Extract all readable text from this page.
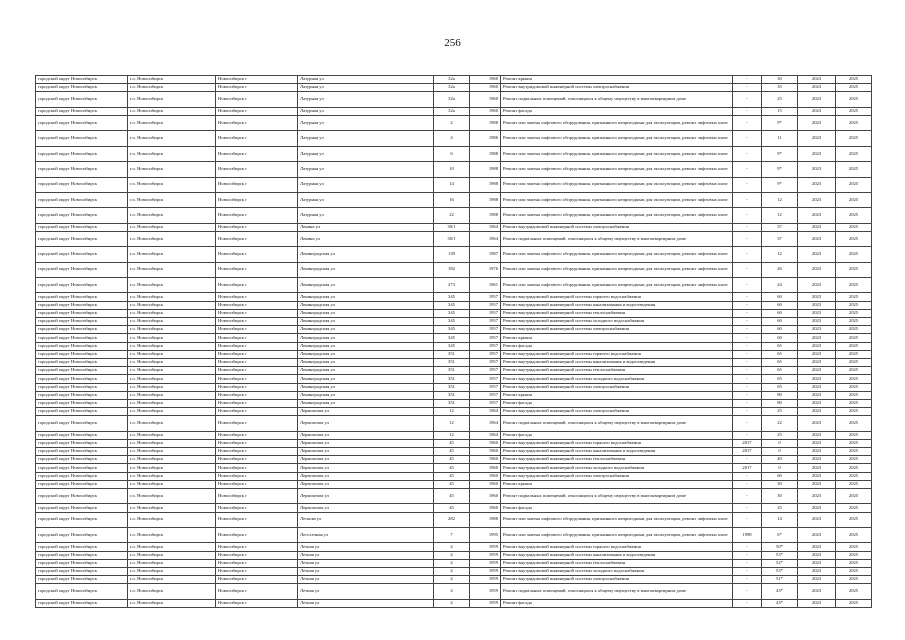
256
городской округ Новосибирск	г.о. Новосибирск	Новосибирск г	Лазурная ул	32а	1960	Ремонт крыши	-	30	2023	2025
городской округ Новосибирск	г.о. Новосибирск	Новосибирск г	Лазурная ул	32а	1960	Ремонт внутридомовой инженерной системы электроснабжения	-	35	2023	2025
городской округ Новосибирск	г.о. Новосибирск	Новосибирск г	Лазурная ул	32а	1960	Ремонт подвальных помещений, относящихся к общему имуществу в многоквартирном доме	-	25	2023	2025
городской округ Новосибирск	г.о. Новосибирск	Новосибирск г	Лазурная ул	32а	1960	Ремонт фасада	-	15	2023	2025
городской округ Новосибирск	г.о. Новосибирск	Новосибирск г	Лазурная ул	2	1988	Ремонт или замена лифтового оборудования, признанного непригодным для эксплуатации, ремонт лифтовых шахт	-	9*	2023	2025
городской округ Новосибирск	г.о. Новосибирск	Новосибирск г	Лазурная ул	4	1986	Ремонт или замена лифтового оборудования, признанного непригодным для эксплуатации, ремонт лифтовых шахт	-	11	2023	2025
городской округ Новосибирск	г.о. Новосибирск	Новосибирск г	Лазурная ул	6	1988	Ремонт или замена лифтового оборудования, признанного непригодным для эксплуатации, ремонт лифтовых шахт	-	9*	2023	2025
городской округ Новосибирск	г.о. Новосибирск	Новосибирск г	Лазурная ул	10	1988	Ремонт или замена лифтового оборудования, признанного непригодным для эксплуатации, ремонт лифтовых шахт	-	9*	2023	2025
городской округ Новосибирск	г.о. Новосибирск	Новосибирск г	Лазурная ул	14	1988	Ремонт или замена лифтового оборудования, признанного непригодным для эксплуатации, ремонт лифтовых шахт	-	9*	2023	2025
городской округ Новосибирск	г.о. Новосибирск	Новосибирск г	Лазурная ул	16	1988	Ремонт или замена лифтового оборудования, признанного непригодным для эксплуатации, ремонт лифтовых шахт	-	12	2023	2025
городской округ Новосибирск	г.о. Новосибирск	Новосибирск г	Лазурная ул	22	1988	Ремонт или замена лифтового оборудования, признанного непригодным для эксплуатации, ремонт лифтовых шахт	-	12	2023	2025
городской округ Новосибирск	г.о. Новосибирск	Новосибирск г	Ленина ул	30/1	1964	Ремонт внутридомовой инженерной системы электроснабжения	-	37	2023	2025
городской округ Новосибирск	г.о. Новосибирск	Новосибирск г	Ленина ул	30/1	1964	Ремонт подвальных помещений, относящихся к общему имуществу в многоквартирном доме	-	37	2023	2025
городской округ Новосибирск	г.о. Новосибирск	Новосибирск г	Ленинградская ул	139	1987	Ремонт или замена лифтового оборудования, признанного непригодным для эксплуатации, ремонт лифтовых шахт	-	12	2023	2025
городской округ Новосибирск	г.о. Новосибирск	Новосибирск г	Ленинградская ул	182	1976	Ремонт или замена лифтового оборудования, признанного непригодным для эксплуатации, ремонт лифтовых шахт	-	26	2023	2025
городской округ Новосибирск	г.о. Новосибирск	Новосибирск г	Ленинградская ул	273	1961	Ремонт или замена лифтового оборудования, признанного непригодным для эксплуатации, ремонт лифтовых шахт	-	24	2023	2025
городской округ Новосибирск	г.о. Новосибирск	Новосибирск г	Ленинградская ул	345	1957	Ремонт внутридомовой инженерной системы горячего водоснабжения	-	60	2023	2025
городской округ Новосибирск	г.о. Новосибирск	Новосибирск г	Ленинградская ул	345	1957	Ремонт внутридомовой инженерной системы канализования и водоотведения	-	60	2023	2025
городской округ Новосибирск	г.о. Новосибирск	Новосибирск г	Ленинградская ул	345	1957	Ремонт внутридомовой инженерной системы теплоснабжения	-	60	2023	2025
городской округ Новосибирск	г.о. Новосибирск	Новосибирск г	Ленинградская ул	345	1957	Ремонт внутридомовой инженерной системы холодного водоснабжения	-	60	2023	2025
городской округ Новосибирск	г.о. Новосибирск	Новосибирск г	Ленинградская ул	345	1957	Ремонт внутридомовой инженерной системы электроснабжения	-	60	2023	2025
городской округ Новосибирск	г.о. Новосибирск	Новосибирск г	Ленинградская ул	345	1957	Ремонт крыши	-	60	2023	2025
городской округ Новосибирск	г.о. Новосибирск	Новосибирск г	Ленинградская ул	345	1957	Ремонт фасада	-	65	2023	2025
городской округ Новосибирск	г.о. Новосибирск	Новосибирск г	Ленинградская ул	351	1957	Ремонт внутридомовой инженерной системы горячего водоснабжения	-	65	2023	2025
городской округ Новосибирск	г.о. Новосибирск	Новосибирск г	Ленинградская ул	351	1957	Ремонт внутридомовой инженерной системы канализования и водоотведения	-	65	2023	2025
городской округ Новосибирск	г.о. Новосибирск	Новосибирск г	Ленинградская ул	351	1957	Ремонт внутридомовой инженерной системы теплоснабжения	-	65	2023	2025
городской округ Новосибирск	г.о. Новосибирск	Новосибирск г	Ленинградская ул	351	1957	Ремонт внутридомовой инженерной системы холодного водоснабжения	-	65	2023	2025
городской округ Новосибирск	г.о. Новосибирск	Новосибирск г	Ленинградская ул	351	1957	Ремонт внутридомовой инженерной системы электроснабжения	-	65	2023	2025
городской округ Новосибирск	г.о. Новосибирск	Новосибирск г	Ленинградская ул	351	1957	Ремонт крыши	-	80	2023	2025
городской округ Новосибирск	г.о. Новосибирск	Новосибирск г	Ленинградская ул	351	1957	Ремонт фасада	-	80	2023	2025
городской округ Новосибирск	г.о. Новосибирск	Новосибирск г	Лермонтова ул	12	1964	Ремонт внутридомовой инженерной системы электроснабжения	-	25	2023	2025
городской округ Новосибирск	г.о. Новосибирск	Новосибирск г	Лермонтова ул	12	1964	Ремонт подвальных помещений, относящихся к общему имуществу в многоквартирном доме	-	22	2023	2025
городской округ Новосибирск	г.о. Новосибирск	Новосибирск г	Лермонтова ул	12	1964	Ремонт фасада	-	25	2023	2025
городской округ Новосибирск	г.о. Новосибирск	Новосибирск г	Лермонтова ул	45	1960	Ремонт внутридомовой инженерной системы горячего водоснабжения	2017	0	2023	2025
городской округ Новосибирск	г.о. Новосибирск	Новосибирск г	Лермонтова ул	45	1960	Ремонт внутридомовой инженерной системы канализования и водоотведения	2017	0	2023	2025
городской округ Новосибирск	г.о. Новосибирск	Новосибирск г	Лермонтова ул	45	1960	Ремонт внутридомовой инженерной системы теплоснабжения	-	40	2023	2025
городской округ Новосибирск	г.о. Новосибирск	Новосибирск г	Лермонтова ул	45	1960	Ремонт внутридомовой инженерной системы холодного водоснабжения	2017	0	2023	2025
городской округ Новосибирск	г.о. Новосибирск	Новосибирск г	Лермонтова ул	45	1960	Ремонт внутридомовой инженерной системы электроснабжения	-	60	2023	2025
городской округ Новосибирск	г.о. Новосибирск	Новосибирск г	Лермонтова ул	45	1960	Ремонт крыши	-	30	2023	2025
городской округ Новосибирск	г.о. Новосибирск	Новосибирск г	Лермонтова ул	45	1960	Ремонт подвальных помещений, относящихся к общему имуществу в многоквартирном доме	-	30	2023	2025
городской округ Новосибирск	г.о. Новосибирск	Новосибирск г	Лермонтова ул	45	1960	Ремонт фасада	-	25	2023	2025
городской округ Новосибирск	г.о. Новосибирск	Новосибирск г	Лескова ул	282	1988	Ремонт или замена лифтового оборудования, признанного непригодным для эксплуатации, ремонт лифтовых шахт	-	14	2023	2025
городской округ Новосибирск	г.о. Новосибирск	Новосибирск г	Лесосечная ул	7	1995	Ремонт или замена лифтового оборудования, признанного непригодным для эксплуатации, ремонт лифтовых шахт	1998	6*	2023	2025
городской округ Новосибирск	г.о. Новосибирск	Новосибирск г	Летная ул	4	1959	Ремонт внутридомовой инженерной системы горячего водоснабжения	-	50*	2023	2025
городской округ Новосибирск	г.о. Новосибирск	Новосибирск г	Летная ул	4	1959	Ремонт внутридомовой инженерной системы канализования и водоотведения	-	53*	2023	2025
городской округ Новосибирск	г.о. Новосибирск	Новосибирск г	Летная ул	4	1959	Ремонт внутридомовой инженерной системы теплоснабжения	-	52*	2023	2025
городской округ Новосибирск	г.о. Новосибирск	Новосибирск г	Летная ул	4	1959	Ремонт внутридомовой инженерной системы холодного водоснабжения	-	53*	2023	2025
городской округ Новосибирск	г.о. Новосибирск	Новосибирск г	Летная ул	4	1959	Ремонт внутридомовой инженерной системы электроснабжения	-	51*	2023	2025
городской округ Новосибирск	г.о. Новосибирск	Новосибирск г	Летная ул	4	1959	Ремонт подвальных помещений, относящихся к общему имуществу в многоквартирном доме	-	43*	2023	2025
городской округ Новосибирск	г.о. Новосибирск	Новосибирск г	Летная ул	4	1959	Ремонт фасада	-	43*	2023	2025
